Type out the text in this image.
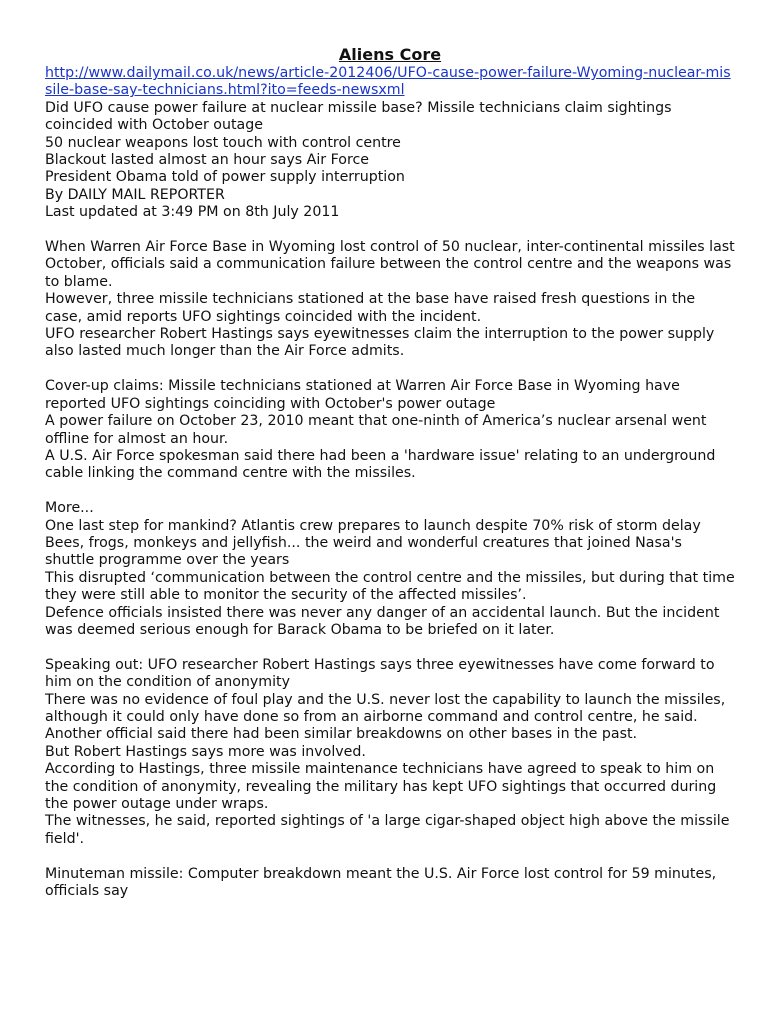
Aliens Core
http://www.dailymail.co.uk/news/article-2012406/UFO-cause-power-failure-Wyoming-nuclear-missile-base-say-technicians.html?ito=feeds-newsxml
Did UFO cause power failure at nuclear missile base? Missile technicians claim sightings coincided with October outage
50 nuclear weapons lost touch with control centre
Blackout lasted almost an hour says Air Force
President Obama told of power supply interruption
By DAILY MAIL REPORTER
Last updated at 3:49 PM on 8th July 2011
When Warren Air Force Base in Wyoming lost control of 50 nuclear, inter-continental missiles last October, officials said a communication failure between the control centre and the weapons was to blame.
However, three missile technicians stationed at the base have raised fresh questions in the case, amid reports UFO sightings coincided with the incident.
UFO researcher Robert Hastings says eyewitnesses claim the interruption to the power supply also lasted much longer than the Air Force admits.
Cover-up claims: Missile technicians stationed at Warren Air Force Base in Wyoming have reported UFO sightings coinciding with October's power outage
A power failure on October 23, 2010 meant that one-ninth of America’s nuclear arsenal went offline for almost an hour.
A U.S. Air Force spokesman said there had been a 'hardware issue' relating to an underground cable linking the command centre with the missiles.
More...
One last step for mankind? Atlantis crew prepares to launch despite 70% risk of storm delay
Bees, frogs, monkeys and jellyfish... the weird and wonderful creatures that joined Nasa's shuttle programme over the years
This disrupted ‘communication between the control centre and the missiles, but during that time they were still able to monitor the security of the affected missiles’.
Defence officials insisted there was never any danger of an accidental launch. But the incident was deemed serious enough for Barack Obama to be briefed on it later.
Speaking out: UFO researcher Robert Hastings says three eyewitnesses have come forward to him on the condition of anonymity
There was no evidence of foul play and the U.S. never lost the capability to launch the missiles, although it could only have done so from an airborne command and control centre, he said.
Another official said there had been similar breakdowns on other bases in the past.
But Robert Hastings says more was involved.
According to Hastings, three missile maintenance technicians have agreed to speak to him on the condition of anonymity, revealing the military has kept UFO sightings that occurred during the power outage under wraps.
The witnesses, he said, reported sightings of 'a large cigar-shaped object high above the missile field'.
Minuteman missile: Computer breakdown meant the U.S. Air Force lost control for 59 minutes, officials say
